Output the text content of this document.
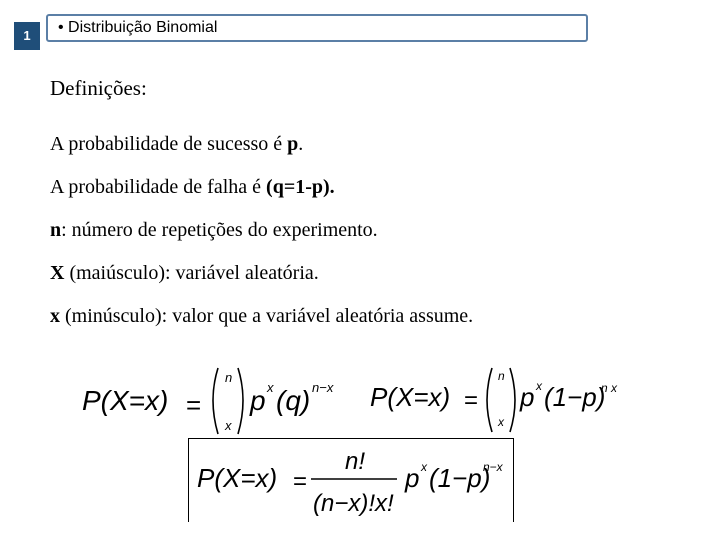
1	• Distribuição Binomial
Definições:
A probabilidade de sucesso é p.
A probabilidade de falha é (q=1-p).
n: número de repetições do experimento.
X (maiúsculo): variável aleatória.
x (minúsculo): valor que a variável aleatória assume.
P(X=x) =
n
x
p x (q) n−x P(X=x) =
n
x
p x (1−p)
n x
P(X=x) =
n!
(n−x)!x!
p x (1−p)
n−x
